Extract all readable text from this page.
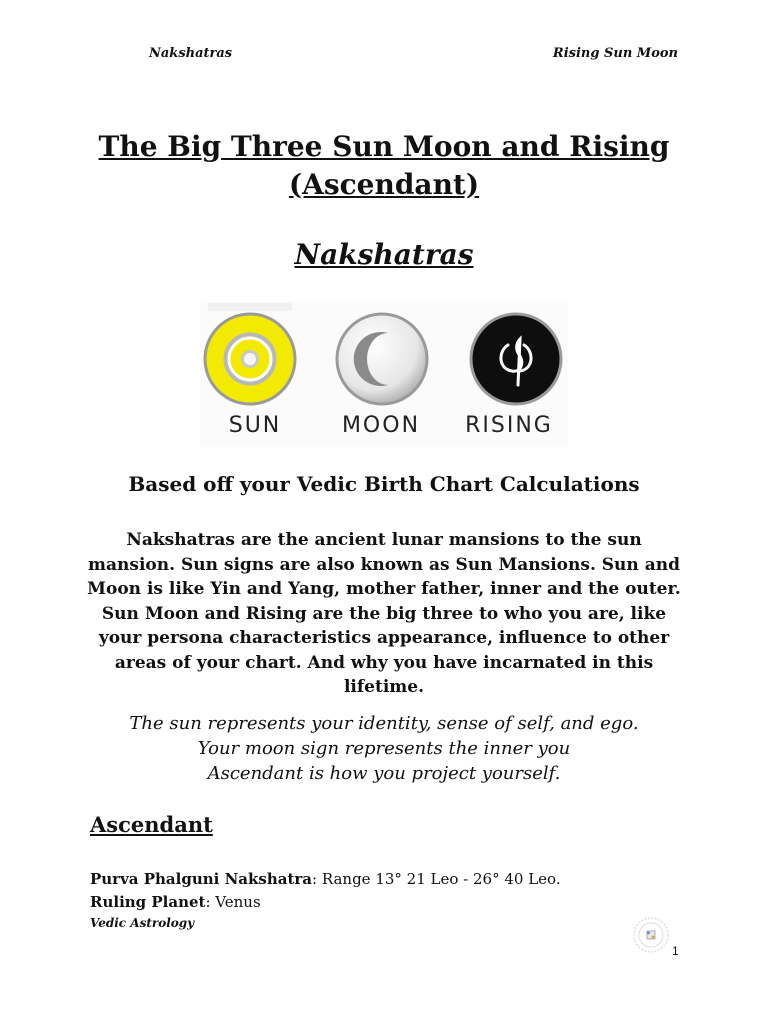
Nakshatras	Rising Sun Moon
The Big Three Sun Moon and Rising
(Ascendant)
Nakshatras
SUN	MOON	RISING
Based off your Vedic Birth Chart Calculations
Nakshatras are the ancient lunar mansions to the sun mansion. Sun signs are also known as Sun Mansions. Sun and Moon is like Yin and Yang, mother father, inner and the outer. Sun Moon and Rising are the big three to who you are, like your persona characteristics appearance, influence to other areas of your chart. And why you have incarnated in this lifetime.
The sun represents your identity, sense of self, and ego.
Your moon sign represents the inner you
Ascendant is how you project yourself.
Ascendant
Purva Phalguni Nakshatra: Range 13° 21 Leo - 26° 40 Leo.
Ruling Planet: Venus
Vedic Astrology
1
